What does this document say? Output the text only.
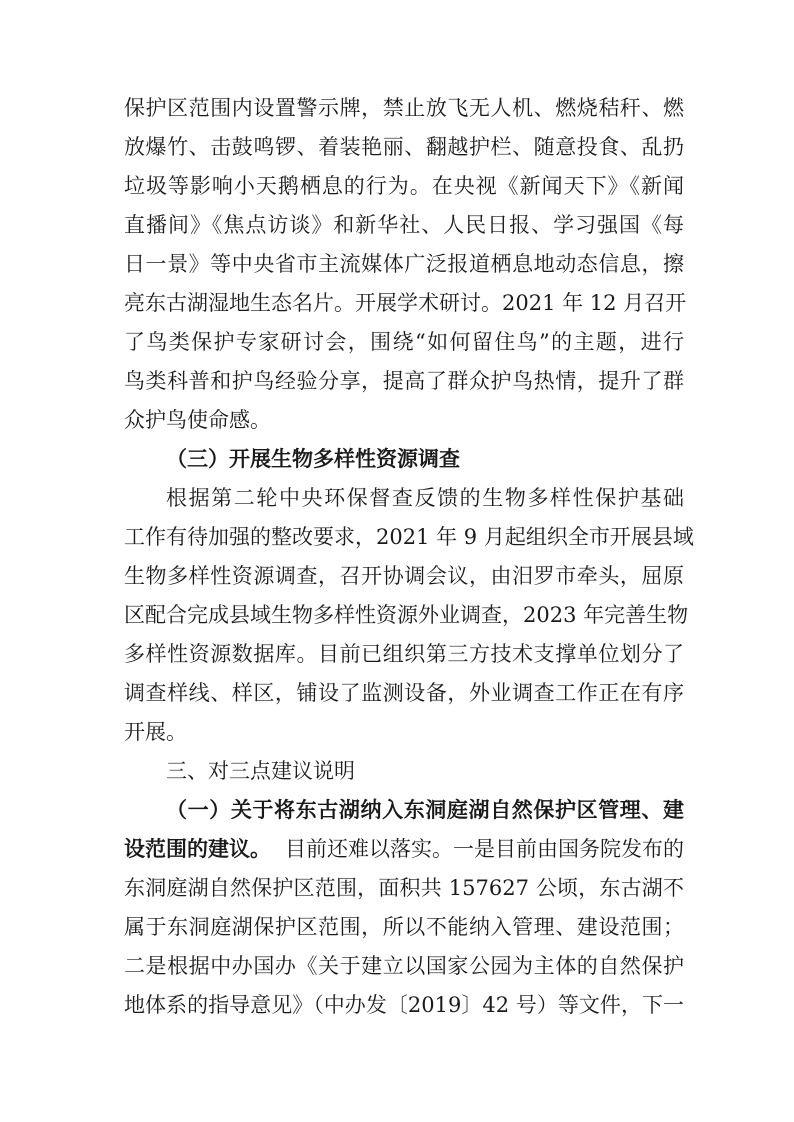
保护区范围内设置警示牌，禁止放飞无人机、燃烧秸秆、燃
放爆竹、击鼓鸣锣、着装艳丽、翻越护栏、随意投食、乱扔
垃圾等影响小天鹅栖息的行为。在央视《新闻天下》《新闻
直播间》《焦点访谈》和新华社、人民日报、学习强国《每
日一景》等中央省市主流媒体广泛报道栖息地动态信息，擦
亮东古湖湿地生态名片。开展学术研讨。2021 年 12 月召开
了鸟类保护专家研讨会，围绕“如何留住鸟”的主题，进行
鸟类科普和护鸟经验分享，提高了群众护鸟热情，提升了群
众护鸟使命感。
（三）开展生物多样性资源调查
根据第二轮中央环保督查反馈的生物多样性保护基础
工作有待加强的整改要求，2021 年 9 月起组织全市开展县域
生物多样性资源调查，召开协调会议，由汨罗市牵头，屈原
区配合完成县域生物多样性资源外业调查，2023 年完善生物
多样性资源数据库。目前已组织第三方技术支撑单位划分了
调查样线、样区，铺设了监测设备，外业调查工作正在有序
开展。
三、对三点建议说明
（一）关于将东古湖纳入东洞庭湖自然保护区管理、建
设范围的建议。 目前还难以落实。一是目前由国务院发布的
东洞庭湖自然保护区范围，面积共 157627 公顷，东古湖不
属于东洞庭湖保护区范围，所以不能纳入管理、建设范围；
二是根据中办国办《关于建立以国家公园为主体的自然保护
地体系的指导意见》（中办发〔2019〕42 号）等文件，下一
